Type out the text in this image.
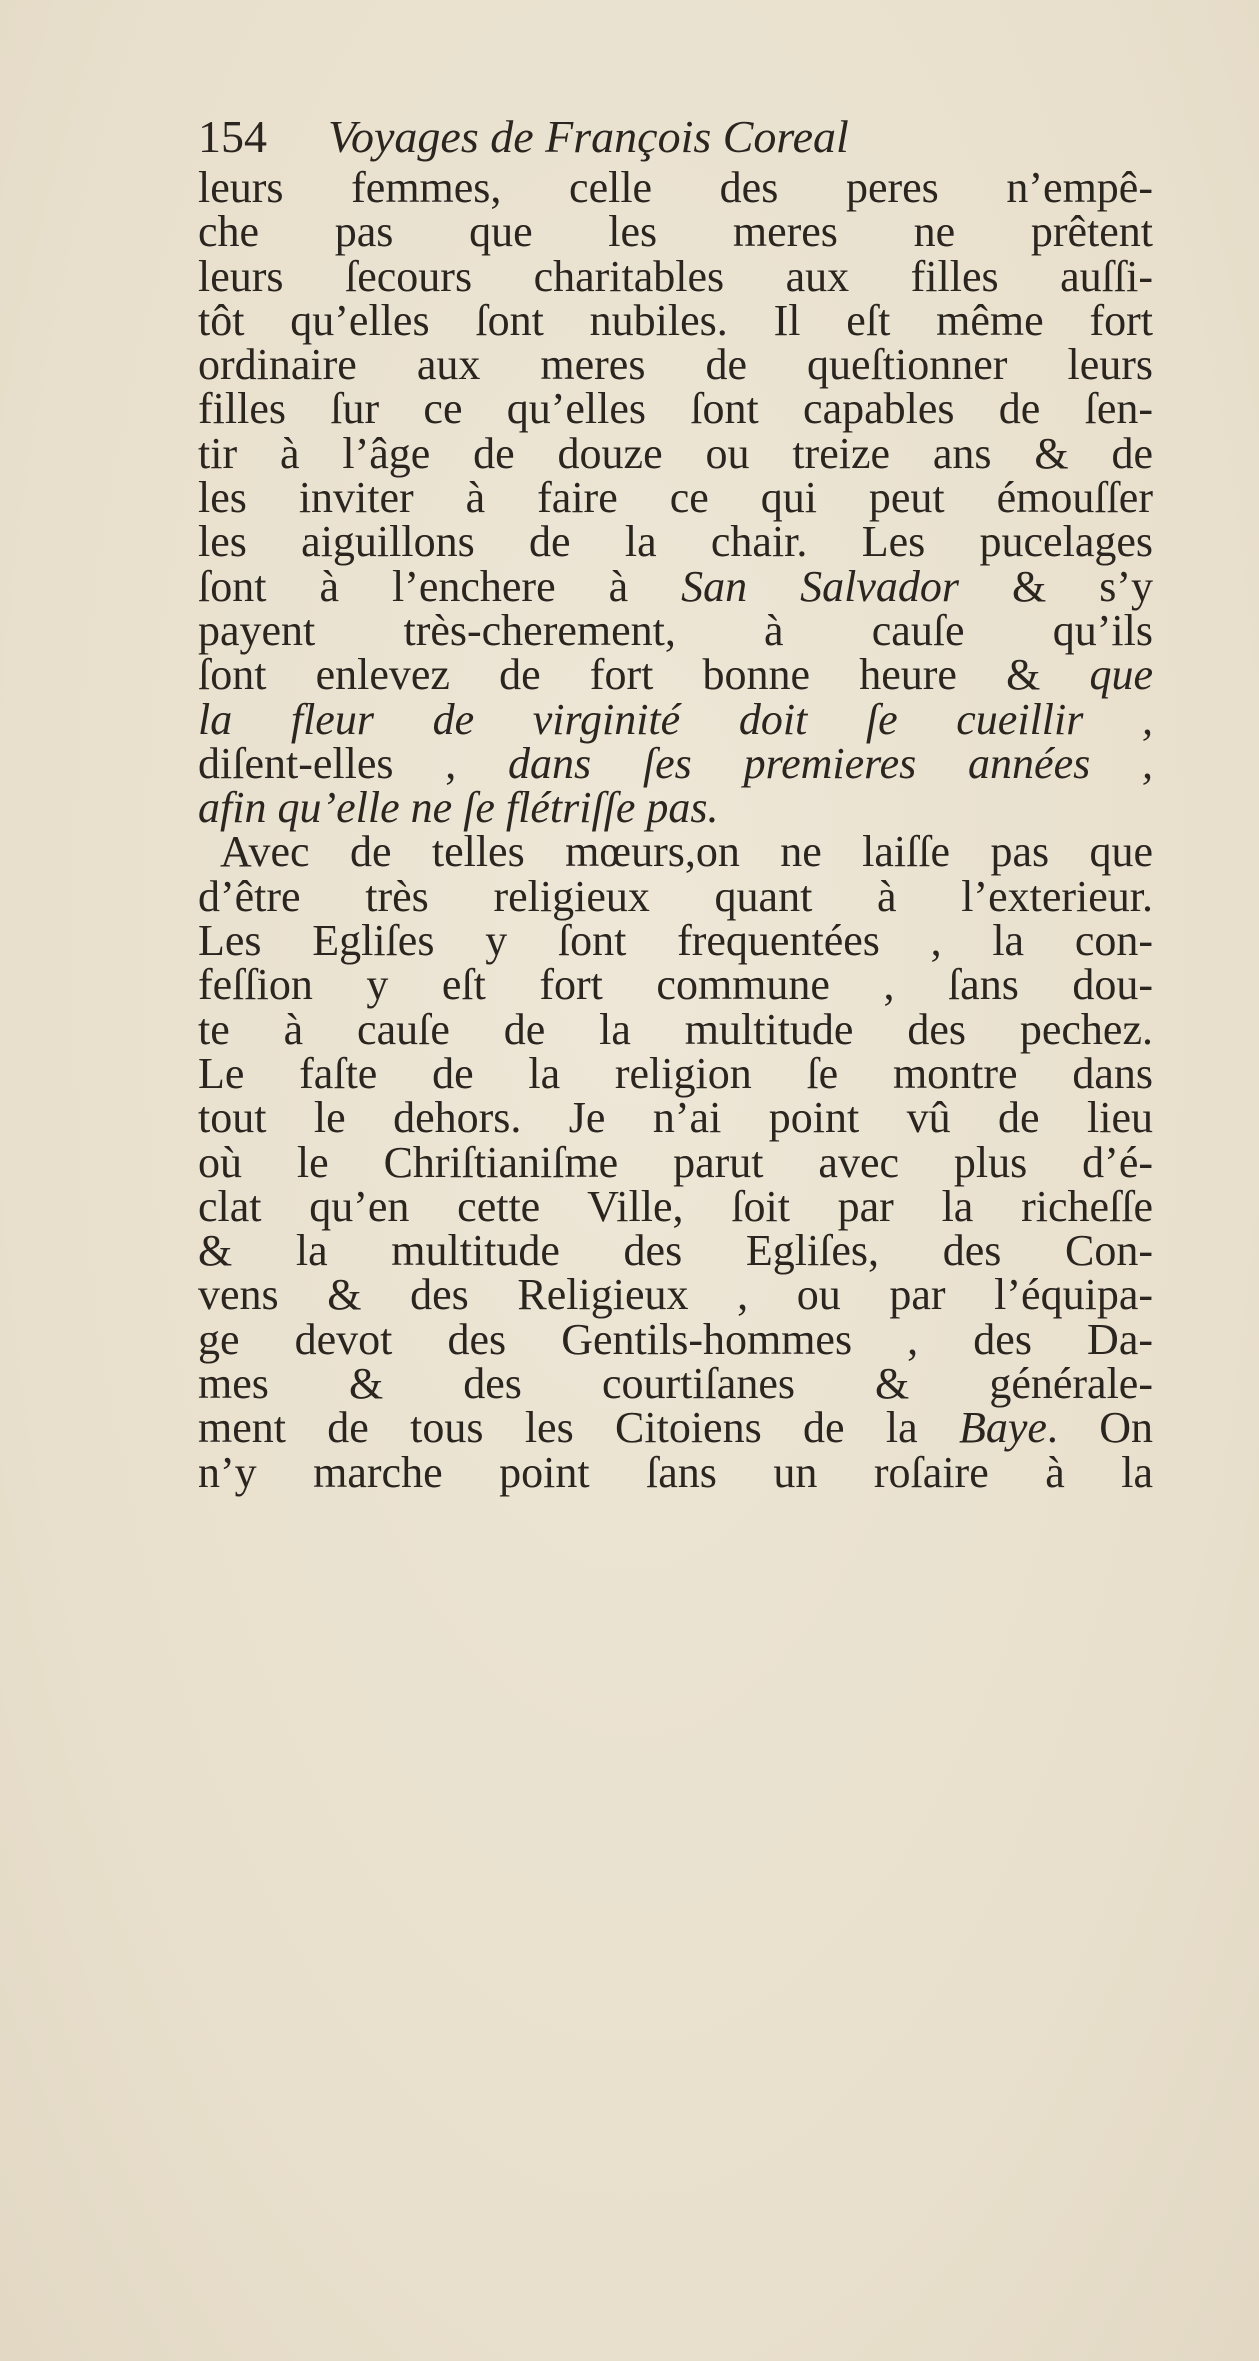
154 Voyages de François Coreal
leurs femmes, celle des peres n’empê-
che pas que les meres ne prêtent
leurs ſecours charitables aux filles auſſi-
tôt qu’elles ſont nubiles. Il eſt même fort
ordinaire aux meres de queſtionner leurs
filles ſur ce qu’elles ſont capables de ſen-
tir à l’âge de douze ou treize ans & de
les inviter à faire ce qui peut émouſſer
les aiguillons de la chair. Les pucelages
ſont à l’enchere à San Salvador & s’y
payent très-cherement, à cauſe qu’ils
ſont enlevez de fort bonne heure & que
la fleur de virginité doit ſe cueillir ,
diſent-elles , dans ſes premieres années ,
afin qu’elle ne ſe flétriſſe pas.
Avec de telles mœurs,on ne laiſſe pas que
d’être très religieux quant à l’exterieur.
Les Egliſes y ſont frequentées , la con-
feſſion y eſt fort commune , ſans dou-
te à cauſe de la multitude des pechez.
Le faſte de la religion ſe montre dans
tout le dehors. Je n’ai point vû de lieu
où le Chriſtianiſme parut avec plus d’é-
clat qu’en cette Ville, ſoit par la richeſſe
& la multitude des Egliſes, des Con-
vens & des Religieux , ou par l’équipa-
ge devot des Gentils-hommes , des Da-
mes & des courtiſanes & générale-
ment de tous les Citoiens de la Baye. On
n’y marche point ſans un roſaire à la
